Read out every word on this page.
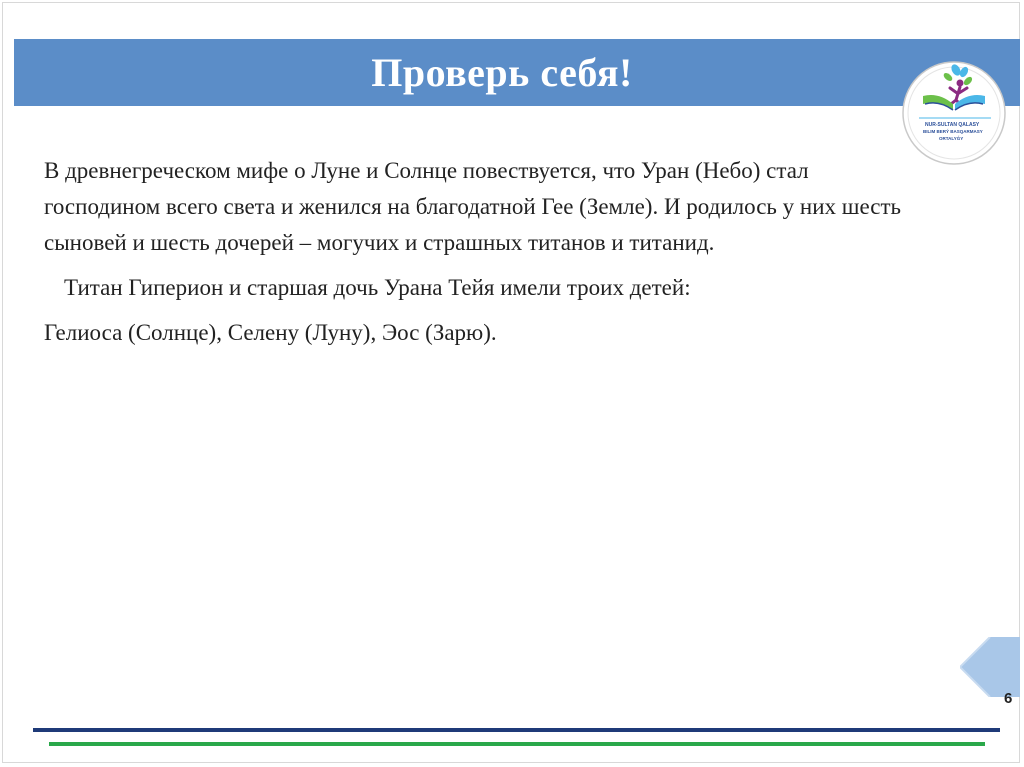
Проверь себя!
NUR-SULTAN QALASY
BILIM BERÝ BASQARMASY
ORTALYǴY

В древнегреческом мифе о Луне и Солнце повествуется, что Уран (Небо) стал господином всего света и женился на благодатной Гее (Земле). И родилось у них шесть сыновей и шесть дочерей – могучих и страшных титанов и титанид.

Титан Гиперион и старшая дочь Урана Тейя имели троих детей:

Гелиоса (Солнце), Селену (Луну), Эос (Зарю).

6
